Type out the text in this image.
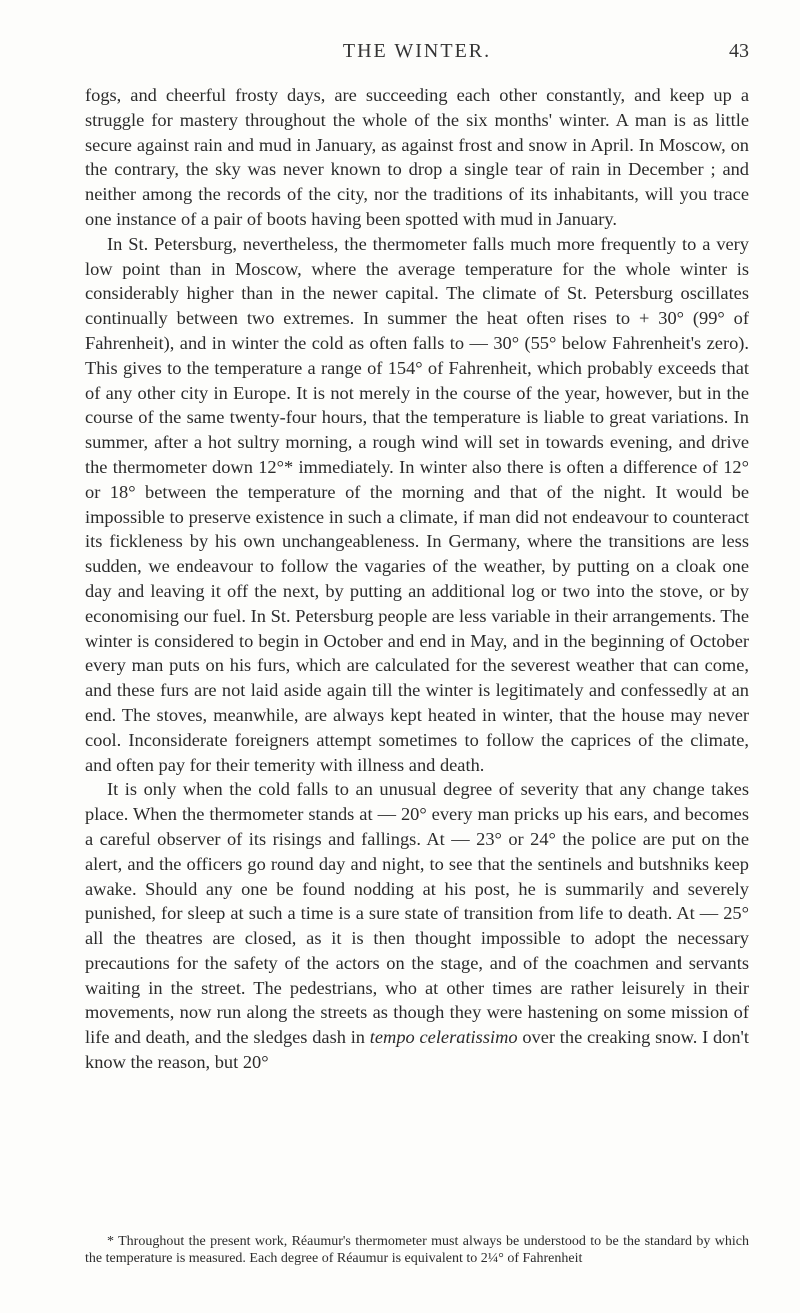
THE WINTER.	43

fogs, and cheerful frosty days, are succeeding each other constantly, and keep up a struggle for mastery throughout the whole of the six months' winter. A man is as little secure against rain and mud in January, as against frost and snow in April. In Moscow, on the contrary, the sky was never known to drop a single tear of rain in December ; and neither among the records of the city, nor the traditions of its inhabitants, will you trace one instance of a pair of boots having been spotted with mud in January.

In St. Petersburg, nevertheless, the thermometer falls much more frequently to a very low point than in Moscow, where the average temperature for the whole winter is considerably higher than in the newer capital. The climate of St. Petersburg oscillates continually between two extremes. In summer the heat often rises to + 30° (99° of Fahrenheit), and in winter the cold as often falls to — 30° (55° below Fahrenheit's zero). This gives to the temperature a range of 154° of Fahrenheit, which probably exceeds that of any other city in Europe. It is not merely in the course of the year, however, but in the course of the same twenty-four hours, that the temperature is liable to great variations. In summer, after a hot sultry morning, a rough wind will set in towards evening, and drive the thermometer down 12°* immediately. In winter also there is often a difference of 12° or 18° between the temperature of the morning and that of the night. It would be impossible to preserve existence in such a climate, if man did not endeavour to counteract its fickleness by his own unchangeableness. In Germany, where the transitions are less sudden, we endeavour to follow the vagaries of the weather, by putting on a cloak one day and leaving it off the next, by putting an additional log or two into the stove, or by economising our fuel. In St. Petersburg people are less variable in their arrangements. The winter is considered to begin in October and end in May, and in the beginning of October every man puts on his furs, which are calculated for the severest weather that can come, and these furs are not laid aside again till the winter is legitimately and confessedly at an end. The stoves, meanwhile, are always kept heated in winter, that the house may never cool. Inconsiderate foreigners attempt sometimes to follow the caprices of the climate, and often pay for their temerity with illness and death.

It is only when the cold falls to an unusual degree of severity that any change takes place. When the thermometer stands at — 20° every man pricks up his ears, and becomes a careful observer of its risings and fallings. At — 23° or 24° the police are put on the alert, and the officers go round day and night, to see that the sentinels and butshniks keep awake. Should any one be found nodding at his post, he is summarily and severely punished, for sleep at such a time is a sure state of transition from life to death. At — 25° all the theatres are closed, as it is then thought impossible to adopt the necessary precautions for the safety of the actors on the stage, and of the coachmen and servants waiting in the street. The pedestrians, who at other times are rather leisurely in their movements, now run along the streets as though they were hastening on some mission of life and death, and the sledges dash in tempo celeratissimo over the creaking snow. I don't know the reason, but 20°

* Throughout the present work, Réaumur's thermometer must always be understood to be the standard by which the temperature is measured. Each degree of Réaumur is equivalent to 2¼° of Fahrenheit
